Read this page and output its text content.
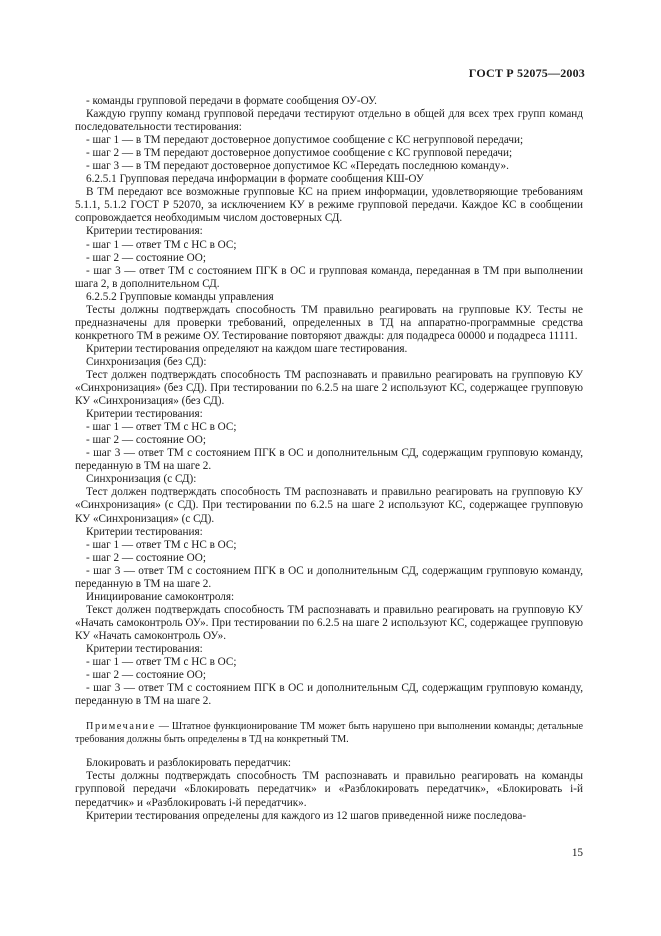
ГОСТ Р 52075—2003

- команды групповой передачи в формате сообщения ОУ-ОУ.

Каждую группу команд групповой передачи тестируют отдельно в общей для всех трех групп команд последовательности тестирования:

- шаг 1 — в ТМ передают достоверное допустимое сообщение с КС негрупповой передачи;

- шаг 2 — в ТМ передают достоверное допустимое сообщение с КС групповой передачи;

- шаг 3 — в ТМ передают достоверное допустимое КС «Передать последнюю команду».

6.2.5.1 Групповая передача информации в формате сообщения КШ-ОУ

В ТМ передают все возможные групповые КС на прием информации, удовлетворяющие требованиям 5.1.1, 5.1.2 ГОСТ Р 52070, за исключением КУ в режиме групповой передачи. Каждое КС в сообщении сопровождается необходимым числом достоверных СД.

Критерии тестирования:

- шаг 1 — ответ ТМ с НС в ОС;

- шаг 2 — состояние ОО;

- шаг 3 — ответ ТМ с состоянием ПГК в ОС и групповая команда, переданная в ТМ при выполнении шага 2, в дополнительном СД.

6.2.5.2 Групповые команды управления

Тесты должны подтверждать способность ТМ правильно реагировать на групповые КУ. Тесты не предназначены для проверки требований, определенных в ТД на аппаратно-программные средства конкретного ТМ в режиме ОУ. Тестирование повторяют дважды: для подадреса 00000 и подадреса 11111.

Критерии тестирования определяют на каждом шаге тестирования.

Синхронизация (без СД):

Тест должен подтверждать способность ТМ распознавать и правильно реагировать на групповую КУ «Синхронизация» (без СД). При тестировании по 6.2.5 на шаге 2 используют КС, содержащее групповую КУ «Синхронизация» (без СД).

Критерии тестирования:

- шаг 1 — ответ ТМ с НС в ОС;

- шаг 2 — состояние ОО;

- шаг 3 — ответ ТМ с состоянием ПГК в ОС и дополнительным СД, содержащим групповую команду, переданную в ТМ на шаге 2.

Синхронизация (с СД):

Тест должен подтверждать способность ТМ распознавать и правильно реагировать на групповую КУ «Синхронизация» (с СД). При тестировании по 6.2.5 на шаге 2 используют КС, содержащее групповую КУ «Синхронизация» (с СД).

Критерии тестирования:

- шаг 1 — ответ ТМ с НС в ОС;

- шаг 2 — состояние ОО;

- шаг 3 — ответ ТМ с состоянием ПГК в ОС и дополнительным СД, содержащим групповую команду, переданную в ТМ на шаге 2.

Инициирование самоконтроля:

Текст должен подтверждать способность ТМ распознавать и правильно реагировать на групповую КУ «Начать самоконтроль ОУ». При тестировании по 6.2.5 на шаге 2 используют КС, содержащее групповую КУ «Начать самоконтроль ОУ».

Критерии тестирования:

- шаг 1 — ответ ТМ с НС в ОС;

- шаг 2 — состояние ОО;

- шаг 3 — ответ ТМ с состоянием ПГК в ОС и дополнительным СД, содержащим групповую команду, переданную в ТМ на шаге 2.

Примечание — Штатное функционирование ТМ может быть нарушено при выполнении команды; детальные требования должны быть определены в ТД на конкретный ТМ.

Блокировать и разблокировать передатчик:

Тесты должны подтверждать способность ТМ распознавать и правильно реагировать на команды групповой передачи «Блокировать передатчик» и «Разблокировать передатчик», «Блокировать i-й передатчик» и «Разблокировать i-й передатчик».

Критерии тестирования определены для каждого из 12 шагов приведенной ниже последова-

15
